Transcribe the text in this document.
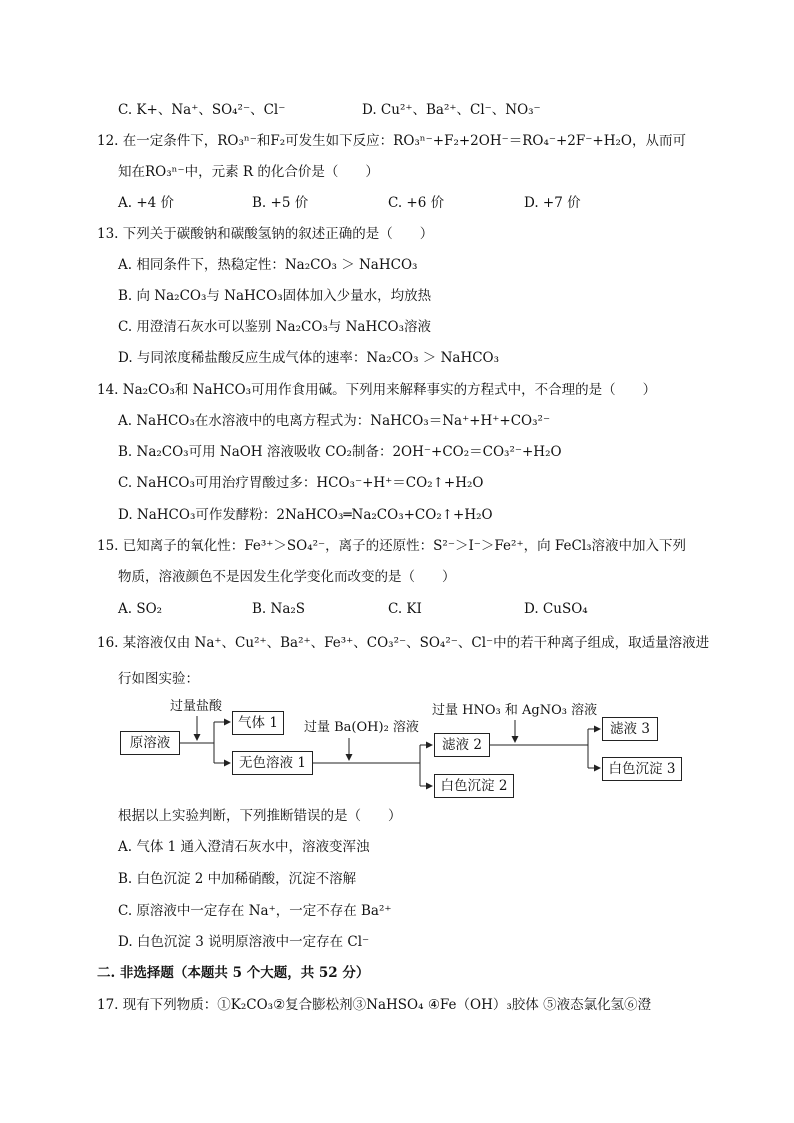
C. K+、Na⁺、SO₄²⁻、Cl⁻	D. Cu²⁺、Ba²⁺、Cl⁻、NO₃⁻
12. 在一定条件下，RO₃ⁿ⁻和F₂可发生如下反应：RO₃ⁿ⁻+F₂+2OH⁻＝RO₄⁻+2F⁻+H₂O，从而可
知在RO₃ⁿ⁻中，元素 R 的化合价是（　　）
A. +4 价	B. +5 价	C. +6 价	D. +7 价
13. 下列关于碳酸钠和碳酸氢钠的叙述正确的是（　　）
A. 相同条件下，热稳定性：Na₂CO₃ ＞ NaHCO₃
B. 向 Na₂CO₃与 NaHCO₃固体加入少量水，均放热
C. 用澄清石灰水可以鉴别 Na₂CO₃与 NaHCO₃溶液
D. 与同浓度稀盐酸反应生成气体的速率：Na₂CO₃ ＞ NaHCO₃
14. Na₂CO₃和 NaHCO₃可用作食用碱。下列用来解释事实的方程式中，不合理的是（　　）
A. NaHCO₃在水溶液中的电离方程式为：NaHCO₃＝Na⁺+H⁺+CO₃²⁻
B. Na₂CO₃可用 NaOH 溶液吸收 CO₂制备：2OH⁻+CO₂＝CO₃²⁻+H₂O
C. NaHCO₃可用治疗胃酸过多：HCO₃⁻+H⁺＝CO₂↑+H₂O
D. NaHCO₃可作发酵粉：2NaHCO₃═Na₂CO₃+CO₂↑+H₂O
15. 已知离子的氧化性：Fe³⁺＞SO₄²⁻，离子的还原性：S²⁻＞I⁻＞Fe²⁺，向 FeCl₃溶液中加入下列
物质，溶液颜色不是因发生化学变化而改变的是（　　）
A. SO₂	B. Na₂S	C. KI	D. CuSO₄
16. 某溶液仅由 Na⁺、Cu²⁺、Ba²⁺、Fe³⁺、CO₃²⁻、SO₄²⁻、Cl⁻中的若干种离子组成，取适量溶液进
行如图实验：
过量盐酸
过量 Ba(OH)₂ 溶液
过量 HNO₃ 和 AgNO₃ 溶液
原溶液
气体 1
无色溶液 1
滤液 2
白色沉淀 2
滤液 3
白色沉淀 3
根据以上实验判断，下列推断错误的是（　　）
A. 气体 1 通入澄清石灰水中，溶液变浑浊
B. 白色沉淀 2 中加稀硝酸，沉淀不溶解
C. 原溶液中一定存在 Na⁺，一定不存在 Ba²⁺
D. 白色沉淀 3 说明原溶液中一定存在 Cl⁻
二. 非选择题（本题共 5 个大题，共 52 分）
17. 现有下列物质：①K₂CO₃②复合膨松剂③NaHSO₄ ④Fe（OH）₃胶体 ⑤液态氯化氢⑥澄
